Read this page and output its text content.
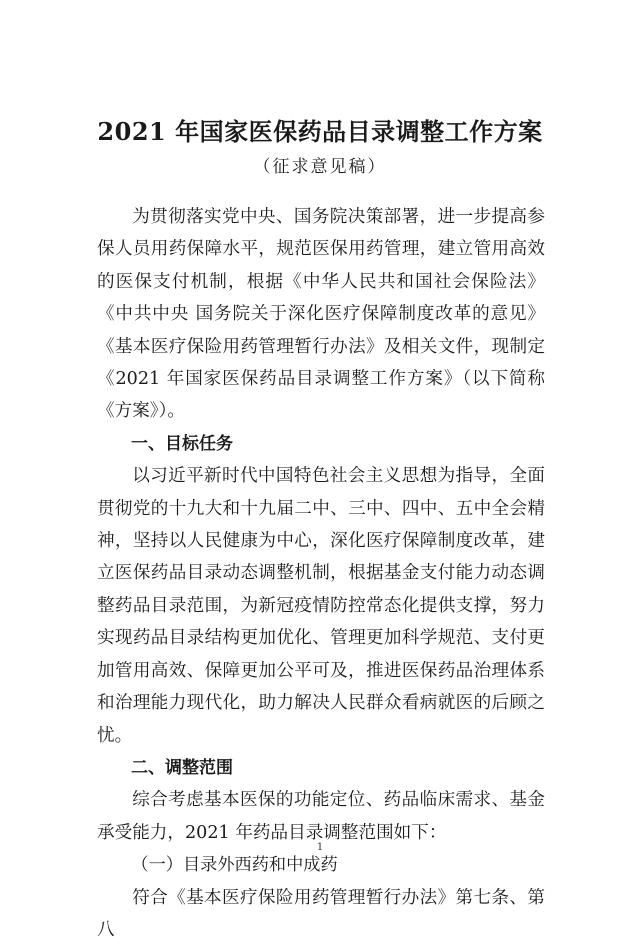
2021 年国家医保药品目录调整工作方案
（征求意见稿）

为贯彻落实党中央、国务院决策部署，进一步提高参保人员用药保障水平，规范医保用药管理，建立管用高效的医保支付机制，根据《中华人民共和国社会保险法》《中共中央 国务院关于深化医疗保障制度改革的意见》《基本医疗保险用药管理暂行办法》及相关文件，现制定《2021 年国家医保药品目录调整工作方案》（以下简称《方案》）。

一、目标任务

以习近平新时代中国特色社会主义思想为指导，全面贯彻党的十九大和十九届二中、三中、四中、五中全会精神，坚持以人民健康为中心，深化医疗保障制度改革，建立医保药品目录动态调整机制，根据基金支付能力动态调整药品目录范围，为新冠疫情防控常态化提供支撑，努力实现药品目录结构更加优化、管理更加科学规范、支付更加管用高效、保障更加公平可及，推进医保药品治理体系和治理能力现代化，助力解决人民群众看病就医的后顾之忧。

二、调整范围

综合考虑基本医保的功能定位、药品临床需求、基金承受能力，2021 年药品目录调整范围如下：

（一）目录外西药和中成药

符合《基本医疗保险用药管理暂行办法》第七条、第八

1
